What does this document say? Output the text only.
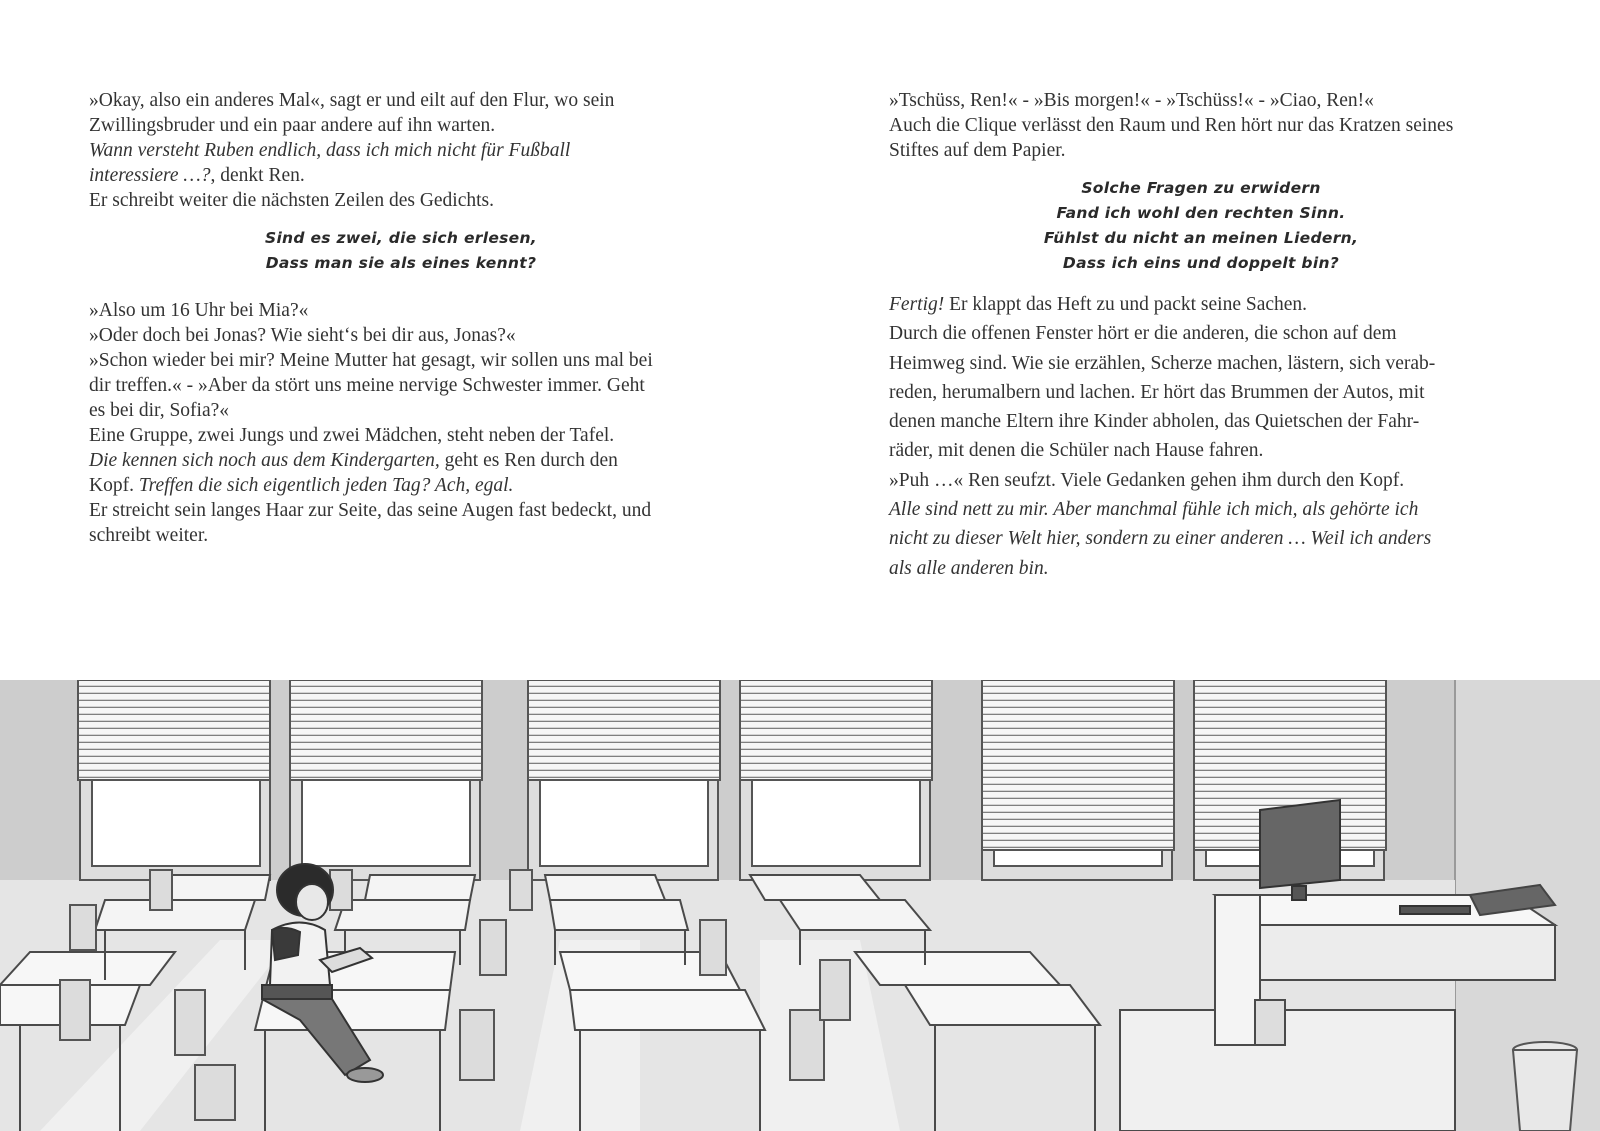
»Okay, also ein anderes Mal«, sagt er und eilt auf den Flur, wo sein
Zwillingsbruder und ein paar andere auf ihn warten.
Wann versteht Ruben endlich, dass ich mich nicht für Fußball
interessiere …?, denkt Ren.
Er schreibt weiter die nächsten Zeilen des Gedichts.
Sind es zwei, die sich erlesen,
Dass man sie als eines kennt?
»Also um 16 Uhr bei Mia?«
»Oder doch bei Jonas? Wie sieht‘s bei dir aus, Jonas?«
»Schon wieder bei mir? Meine Mutter hat gesagt, wir sollen uns mal bei
dir treffen.« - »Aber da stört uns meine nervige Schwester immer. Geht
es bei dir, Sofia?«
Eine Gruppe, zwei Jungs und zwei Mädchen, steht neben der Tafel.
Die kennen sich noch aus dem Kindergarten, geht es Ren durch den
Kopf. Treffen die sich eigentlich jeden Tag? Ach, egal.
Er streicht sein langes Haar zur Seite, das seine Augen fast bedeckt, und
schreibt weiter.
»Tschüss, Ren!« - »Bis morgen!« - »Tschüss!« - »Ciao, Ren!«
Auch die Clique verlässt den Raum und Ren hört nur das Kratzen seines
Stiftes auf dem Papier.
Solche Fragen zu erwidern
Fand ich wohl den rechten Sinn.
Fühlst du nicht an meinen Liedern,
Dass ich eins und doppelt bin?
Fertig! Er klappt das Heft zu und packt seine Sachen.
Durch die offenen Fenster hört er die anderen, die schon auf dem
Heimweg sind. Wie sie erzählen, Scherze machen, lästern, sich verab-
reden, herumalbern und lachen. Er hört das Brummen der Autos, mit
denen manche Eltern ihre Kinder abholen, das Quietschen der Fahr-
räder, mit denen die Schüler nach Hause fahren.
»Puh …« Ren seufzt. Viele Gedanken gehen ihm durch den Kopf.
Alle sind nett zu mir. Aber manchmal fühle ich mich, als gehörte ich
nicht zu dieser Welt hier, sondern zu einer anderen … Weil ich anders
als alle anderen bin.
